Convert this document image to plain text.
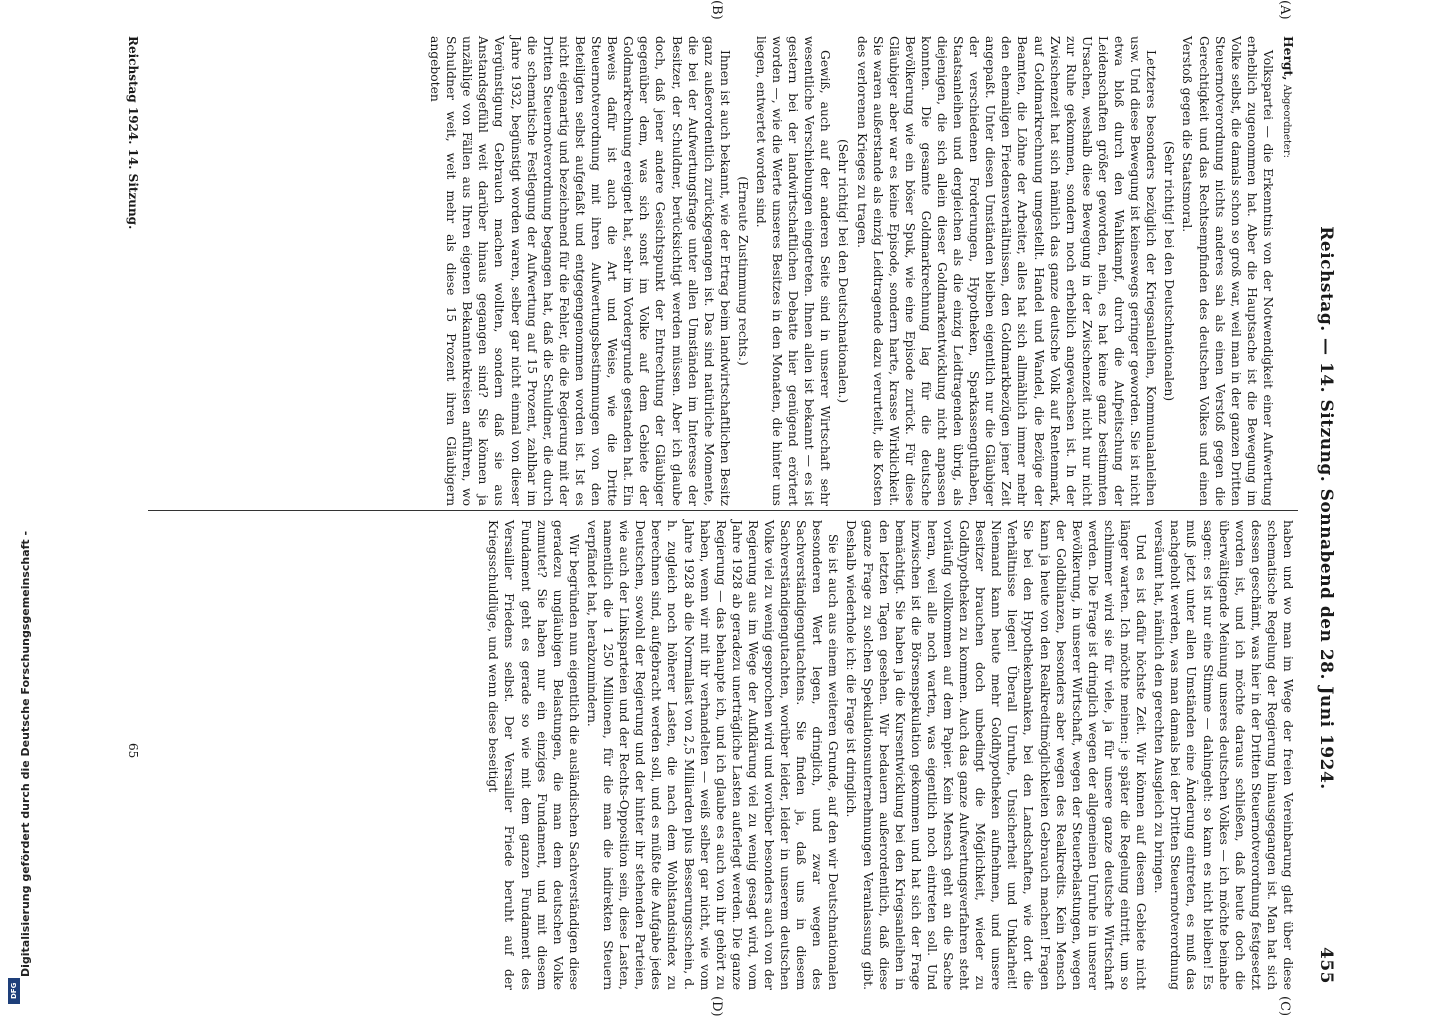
Reichstag. — 14. Sitzung. Sonnabend den 28. Juni 1924.
455
(A)
(B)
(C)
(D)

Hergt, Abgeordneter:

Volkspartei — die Erkenntnis von der Notwendigkeit einer Aufwertung erheblich zugenommen hat. Aber die Hauptsache ist die Bewegung im Volke selbst, die damals schon so groß war, weil man in der ganzen Dritten Steuernotverordnung nichts anderes sah als einen Verstoß gegen die Gerechtigkeit und das Rechtsempfinden des deutschen Volkes und einen Verstoß gegen die Staatsmoral.

(Sehr richtig! bei den Deutschnationalen)

Letzteres besonders bezüglich der Kriegsanleihen, Kommunalanleihen usw. Und diese Bewegung ist keineswegs geringer geworden. Sie ist nicht etwa bloß durch den Wahlkampf, durch die Aufpeitschung der Leidenschaften größer geworden, nein, es hat keine ganz bestimmten Ursachen, weshalb diese Bewegung in der Zwischenzeit nicht nur nicht zur Ruhe gekommen, sondern noch erheblich angewachsen ist. In der Zwischenzeit hat sich nämlich das ganze deutsche Volk auf Rentenmark, auf Goldmarkrechnung umgestellt. Handel und Wandel, die Bezüge der Beamten, die Löhne der Arbeiter, alles hat sich allmählich immer mehr den ehemaligen Friedensverhältnissen, den Goldmarkbezügen jener Zeit angepaßt. Unter diesen Umständen bleiben eigentlich nur die Gläubiger der verschiedenen Forderungen, Hypotheken, Sparkassenguthaben, Staatsanleihen und dergleichen als die einzig Leidtragenden übrig, als diejenigen, die sich allein dieser Goldmarkentwicklung nicht anpassen konnten. Die gesamte Goldmarkrechnung lag für die deutsche Bevölkerung wie ein böser Spuk, wie eine Episode zurück. Für diese Gläubiger aber war es keine Episode, sondern harte, krasse Wirklichkeit. Sie waren außerstande als einzig Leidtragende dazu verurteilt, die Kosten des verlorenen Krieges zu tragen.

(Sehr richtig! bei den Deutschnationalen.)

Gewiß, auch auf der anderen Seite sind in unserer Wirtschaft sehr wesentliche Verschiebungen eingetreten. Ihnen allen ist bekannt — es ist gestern bei der landwirtschaftlichen Debatte hier genügend erörtert worden —, wie die Werte unseres Besitzes in den Monaten, die hinter uns liegen, entwertet worden sind.

(Erneute Zustimmung rechts.)

Ihnen ist auch bekannt, wie der Ertrag beim landwirtschaftlichen Besitz ganz außerordentlich zurückgegangen ist. Das sind natürliche Momente, die bei der Aufwertungsfrage unter allen Umständen im Interesse der Besitzer, der Schuldner, berücksichtigt werden müssen. Aber ich glaube doch, daß jener andere Gesichtspunkt der Entrechtung der Gläubiger gegenüber dem, was sich sonst im Volke auf dem Gebiete der Goldmarkrechnung ereignet hat, sehr im Vordergrunde gestanden hat. Ein Beweis dafür ist auch die Art und Weise, wie die Dritte Steuernotverordnung mit ihren Aufwertungsbestimmungen von den Beteiligten selbst aufgefaßt und entgegengenommen worden ist. Ist es nicht eigenartig und bezeichnend für die Fehler, die die Regierung mit der Dritten Steuernotverordnung begangen hat, daß die Schuldner, die durch die schematische Festlegung der Aufwertung auf 15 Prozent, zahlbar im Jahre 1932, begünstigt worden waren, selber gar nicht einmal von dieser Vergünstigung Gebrauch machen wollten, sondern daß sie aus Anstandsgefühl weit darüber hinaus gegangen sind? Sie können ja unzählige von Fällen aus Ihren eigenen Bekanntenkreisen anführen, wo Schuldner weit, weit mehr als diese 15 Prozent ihren Gläubigern angeboten

haben und wo man im Wege der freien Vereinbarung glatt über diese schematische Regelung der Regierung hinausgegangen ist. Man hat sich dessen geschämt, was hier in der Dritten Steuernotverordnung festgesetzt worden ist, und ich möchte daraus schließen, daß heute doch die überwältigende Meinung unseres deutschen Volkes — ich möchte beinahe sagen: es ist nur eine Stimme — dahingeht: so kann es nicht bleiben! Es muß jetzt unter allen Umständen eine Änderung eintreten, es muß das nachgeholt werden, was man damals bei der Dritten Steuernotverordnung versäumt hat, nämlich den gerechten Ausgleich zu bringen.

Und es ist dafür höchste Zeit. Wir können auf diesem Gebiete nicht länger warten. Ich möchte meinen: je später die Regelung eintritt, um so schlimmer wird sie für viele, ja für unsere ganze deutsche Wirtschaft werden. Die Frage ist dringlich wegen der allgemeinen Unruhe in unserer Bevölkerung, in unserer Wirtschaft, wegen der Steuerbelastungen, wegen der Goldbilanzen, besonders aber wegen des Realkredits. Kein Mensch kann ja heute von den Realkreditmöglichkeiten Gebrauch machen! Fragen Sie bei den Hypothekenbanken, bei den Landschaften, wie dort die Verhältnisse liegen! Überall Unruhe, Unsicherheit und Unklarheit! Niemand kann heute mehr Goldhypotheken aufnehmen, und unsere Besitzer brauchen doch unbedingt die Möglichkeit, wieder zu Goldhypotheken zu kommen. Auch das ganze Aufwertungsverfahren steht vorläufig vollkommen auf dem Papier. Kein Mensch geht an die Sache heran, weil alle noch warten, was eigentlich noch eintreten soll. Und inzwischen ist die Börsenspekulation gekommen und hat sich der Frage bemächtigt. Sie haben ja die Kursentwicklung bei den Kriegsanleihen in den letzten Tagen gesehen. Wir bedauern außerordentlich, daß diese ganze Frage zu solchen Spekulationsunternehmungen Veranlassung gibt. Deshalb wiederhole ich: die Frage ist dringlich.

Sie ist auch aus einem weiteren Grunde, auf den wir Deutschnationalen besonderen Wert legen, dringlich, und zwar wegen des Sachverständigengutachtens. Sie finden ja, daß uns in diesem Sachverständigengutachten, worüber leider, leider in unserem deutschen Volke viel zu wenig gesprochen wird und worüber besonders auch von der Regierung aus im Wege der Aufklärung viel zu wenig gesagt wird, vom Jahre 1928 ab geradezu unerträgliche Lasten auferlegt werden. Die ganze Regierung — das behaupte ich, und ich glaube es auch von ihr gehört zu haben, wenn wir mit ihr verhandelten — weiß selber gar nicht, wie vom Jahre 1928 ab die Normallast von 2,5 Milliarden plus Besserungsschein, d. h. zugleich noch höherer Lasten, die nach dem Wohlstandsindex zu berechnen sind, aufgebracht werden soll, und es müßte die Aufgabe jedes Deutschen, sowohl der Regierung und der hinter ihr stehenden Parteien, wie auch der Linksparteien und der Rechts-Opposition sein, diese Lasten, namentlich die 1 250 Millionen, für die man die indirekten Steuern verpfändet hat, herabzumindern.

Wir begründen nun eigentlich die ausländischen Sachverständigen diese geradezu ungläubigen Belastungen, die man dem deutschen Volke zumutet? Sie haben nur ein einziges Fundament, und mit diesem Fundament geht es gerade so wie mit dem ganzen Fundament des Versailler Friedens selbst. Der Versailler Friede beruht auf der Kriegsschuldlüge, und wenn diese beseitigt

Reichstag 1924. 14. Sitzung.
65
Digitalisierung gefördert durch die Deutsche Forschungsgemeinschaft -
DFG
